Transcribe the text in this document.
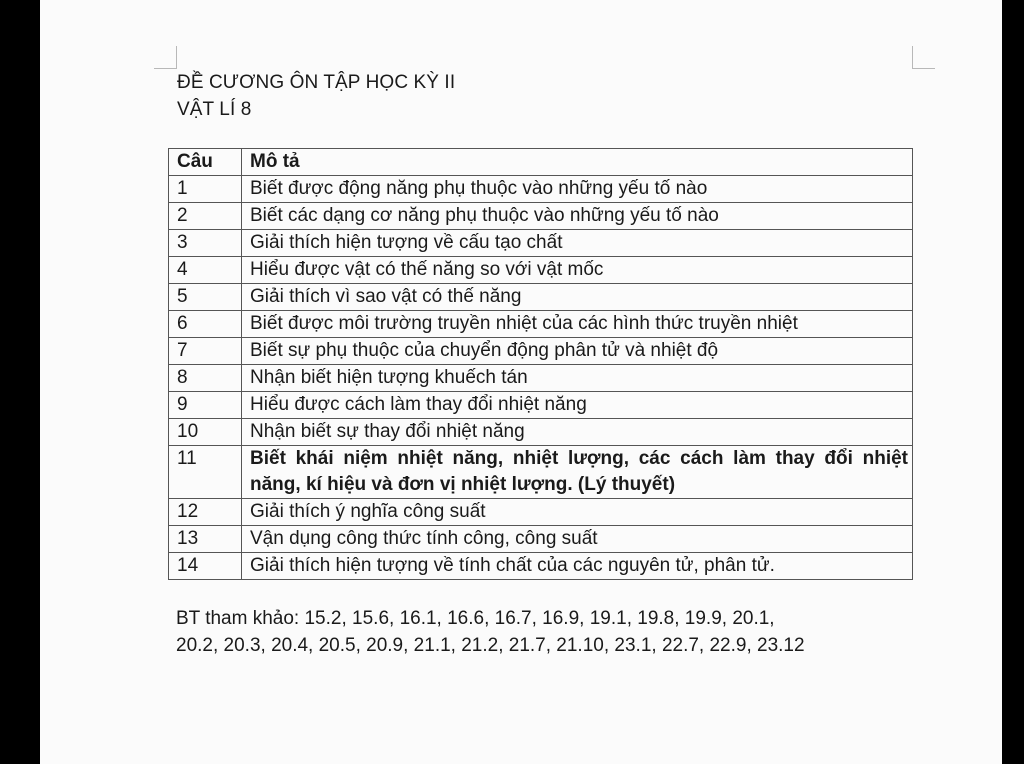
ĐỀ CƯƠNG ÔN TẬP HỌC KỲ II
VẬT LÍ 8
Câu	Mô tả
1	Biết được động năng phụ thuộc vào những yếu tố nào
2	Biết các dạng cơ năng phụ thuộc vào những yếu tố nào
3	Giải thích hiện tượng về cấu tạo chất
4	Hiểu được vật có thế năng so với vật mốc
5	Giải thích vì sao vật có thế năng
6	Biết được môi trường truyền nhiệt của các hình thức truyền nhiệt
7	Biết sự phụ thuộc của chuyển động phân tử và nhiệt độ
8	Nhận biết hiện tượng khuếch tán
9	Hiểu được cách làm thay đổi nhiệt năng
10	Nhận biết sự thay đổi nhiệt năng
11	Biết khái niệm nhiệt năng, nhiệt lượng, các cách làm thay đổi nhiệt năng, kí hiệu và đơn vị nhiệt lượng. (Lý thuyết)
12	Giải thích ý nghĩa công suất
13	Vận dụng công thức tính công, công suất
14	Giải thích hiện tượng về tính chất của các nguyên tử, phân tử.

BT tham khảo: 15.2, 15.6, 16.1, 16.6, 16.7, 16.9, 19.1, 19.8, 19.9, 20.1,

20.2, 20.3, 20.4, 20.5, 20.9, 21.1, 21.2, 21.7, 21.10, 23.1, 22.7, 22.9, 23.12
